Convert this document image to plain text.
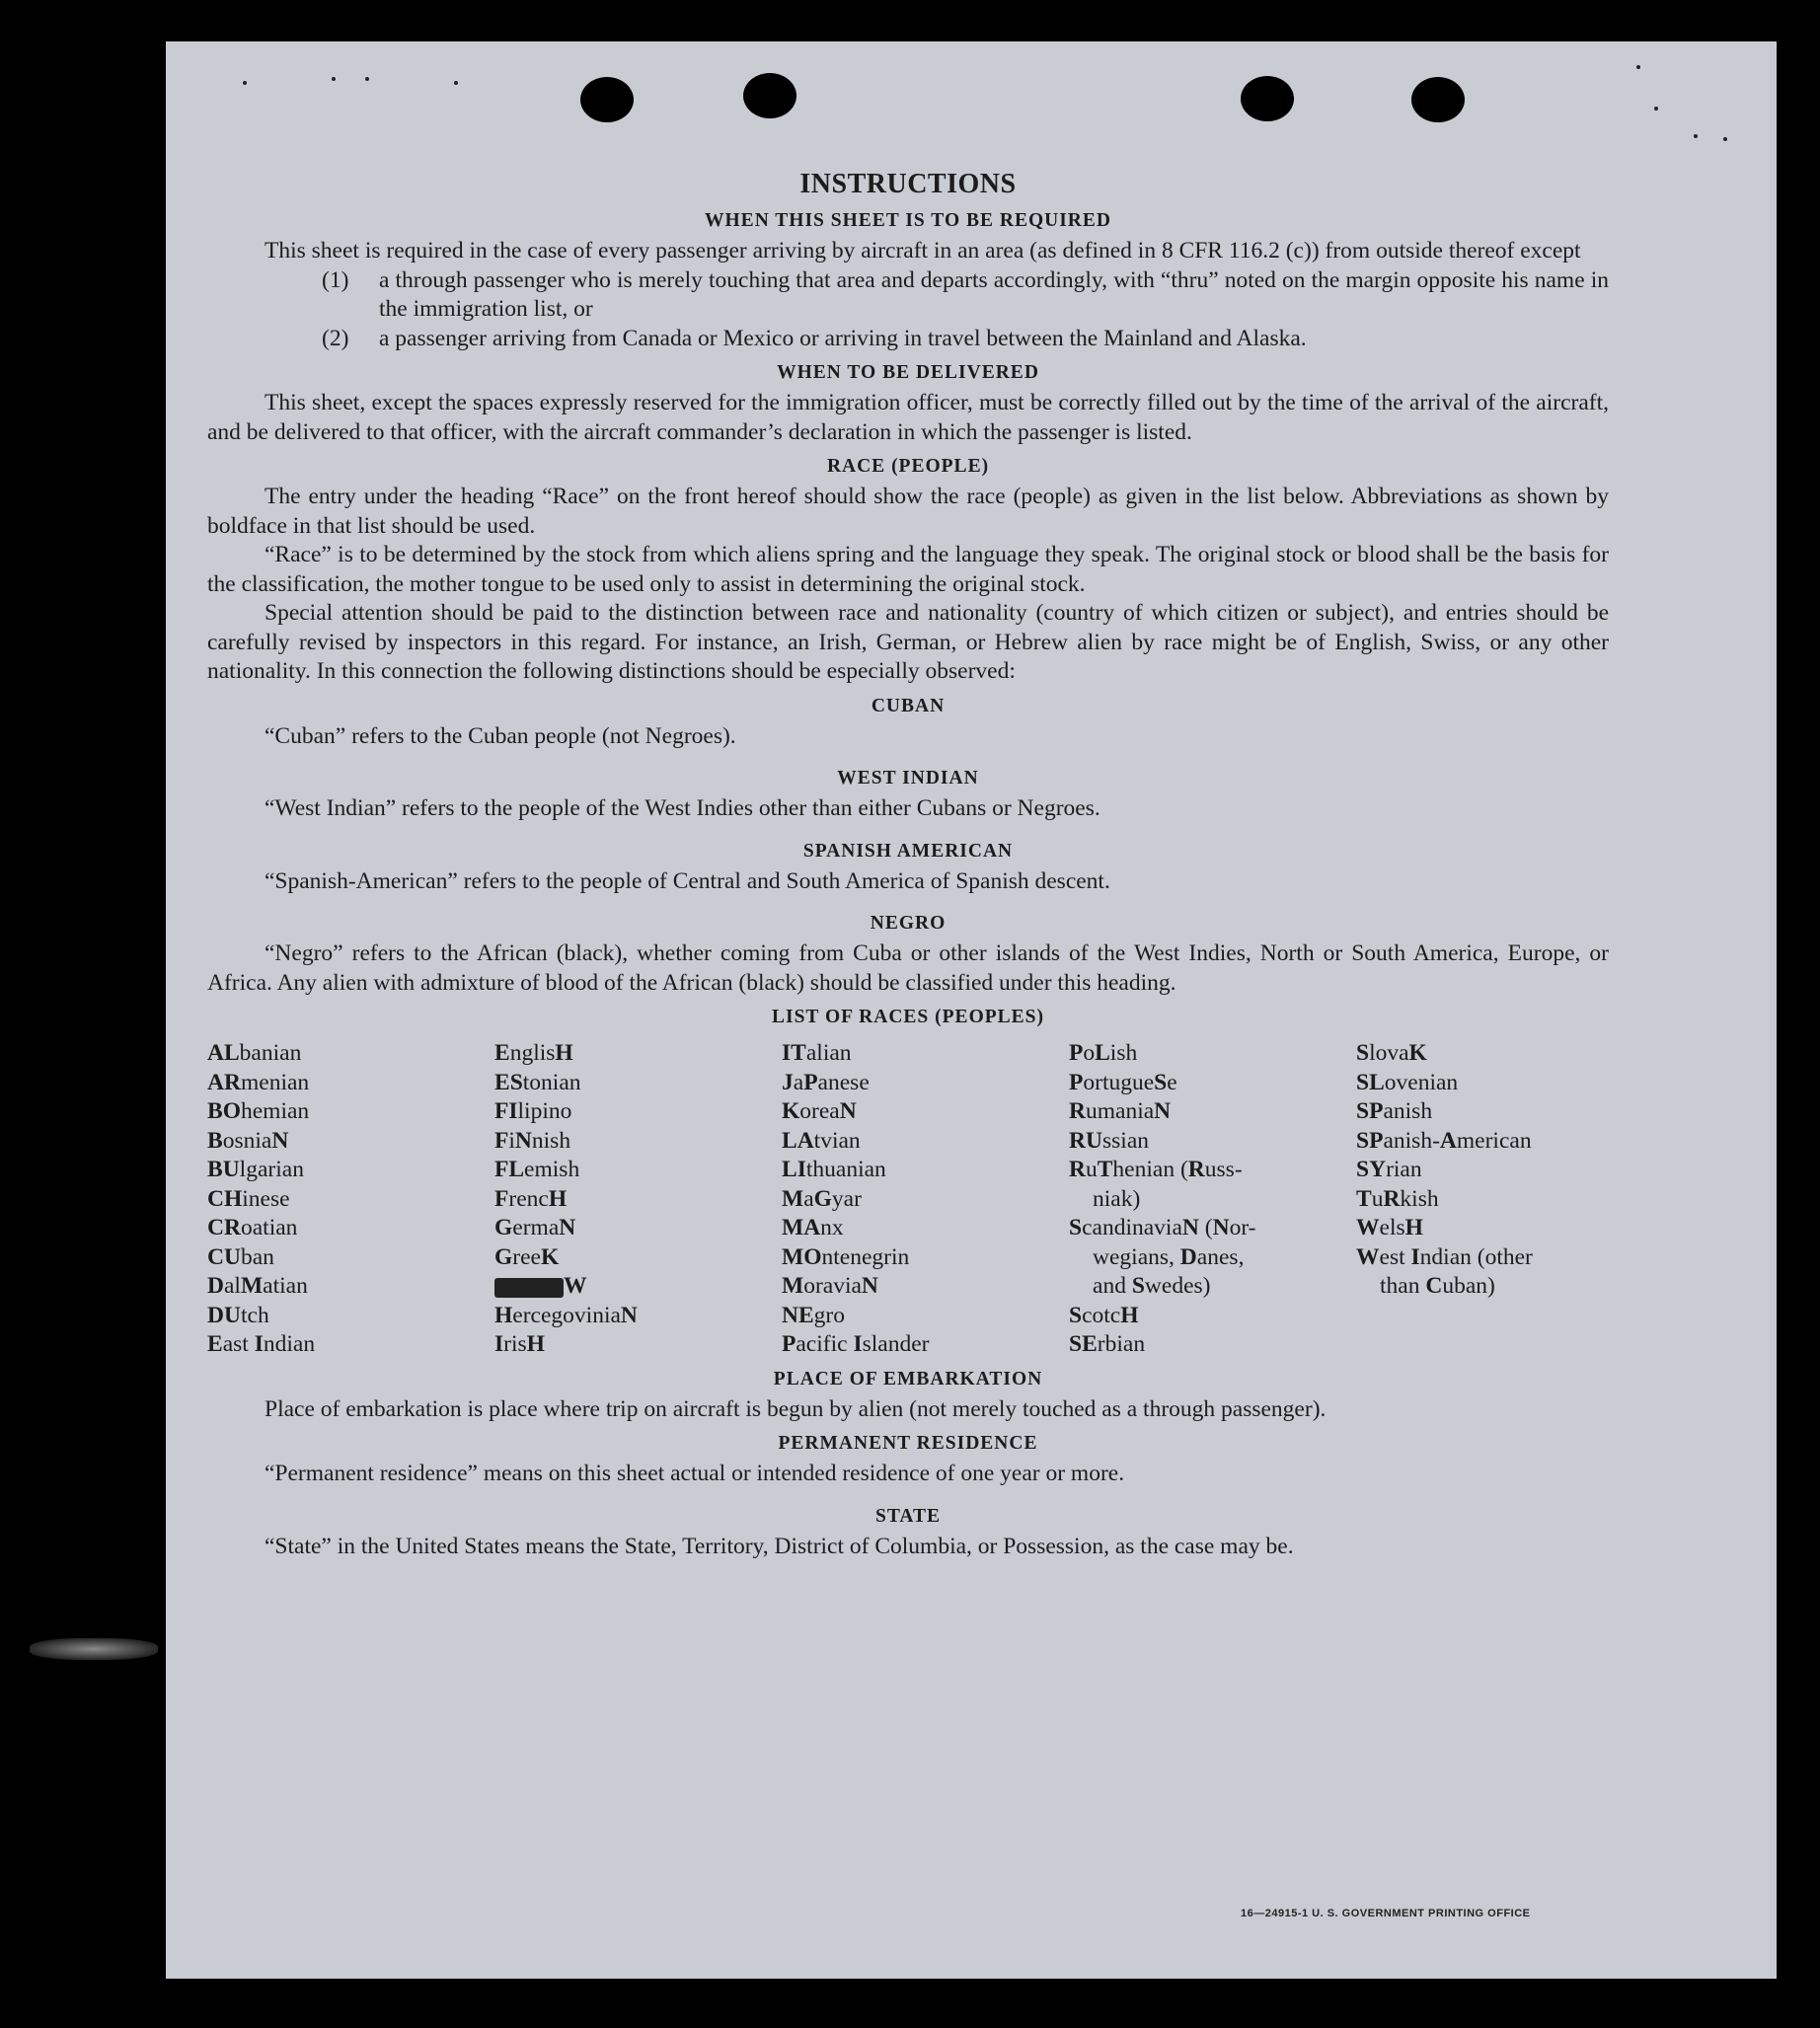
INSTRUCTIONS
WHEN THIS SHEET IS TO BE REQUIRED

This sheet is required in the case of every passenger arriving by aircraft in an area (as defined in 8 CFR 116.2 (c)) from outside thereof except

(1)	a through passenger who is merely touching that area and departs accordingly, with “thru” noted on the margin opposite his name in the immigration list, or
(2)	a passenger arriving from Canada or Mexico or arriving in travel between the Mainland and Alaska.
WHEN TO BE DELIVERED

This sheet, except the spaces expressly reserved for the immigration officer, must be correctly filled out by the time of the arrival of the aircraft, and be delivered to that officer, with the aircraft commander’s declaration in which the passenger is listed.

RACE (PEOPLE)

The entry under the heading “Race” on the front hereof should show the race (people) as given in the list below. Abbreviations as shown by boldface in that list should be used.

“Race” is to be determined by the stock from which aliens spring and the language they speak. The original stock or blood shall be the basis for the classification, the mother tongue to be used only to assist in determining the original stock.

Special attention should be paid to the distinction between race and nationality (country of which citizen or subject), and entries should be carefully revised by inspectors in this regard. For instance, an Irish, German, or Hebrew alien by race might be of English, Swiss, or any other nationality. In this connection the following distinctions should be especially observed:

CUBAN

“Cuban” refers to the Cuban people (not Negroes).

WEST INDIAN

“West Indian” refers to the people of the West Indies other than either Cubans or Negroes.

SPANISH AMERICAN

“Spanish-American” refers to the people of Central and South America of Spanish descent.

NEGRO

“Negro” refers to the African (black), whether coming from Cuba or other islands of the West Indies, North or South America, Europe, or Africa. Any alien with admixture of blood of the African (black) should be classified under this heading.

LIST OF RACES (PEOPLES)
ALbanian
ARmenian
BOhemian
BosniaN
BUlgarian
CHinese
CRoatian
CUban
DalMatian
DUtch
East Indian
EnglisH
EStonian
FIlipino
FiNnish
FLemish
FrencH
GermaN
GreeK
W
HercegoviniaN
IrisH
ITalian
JaPanese
KoreaN
LAtvian
LIthuanian
MaGyar
MAnx
MOntenegrin
MoraviaN
NEgro
Pacific Islander
PoLish
PortugueSe
RumaniaN
RUssian
RuThenian (Russ-
niak)
ScandinaviaN (Nor-
wegians, Danes,
and Swedes)
ScotcH
SErbian
SlovaK
SLovenian
SPanish
SPanish-American
SYrian
TuRkish
WelsH
West Indian (other
than Cuban)
PLACE OF EMBARKATION

Place of embarkation is place where trip on aircraft is begun by alien (not merely touched as a through passenger).

PERMANENT RESIDENCE

“Permanent residence” means on this sheet actual or intended residence of one year or more.

STATE

“State” in the United States means the State, Territory, District of Columbia, or Possession, as the case may be.

16—24915-1 U. S. GOVERNMENT PRINTING OFFICE
